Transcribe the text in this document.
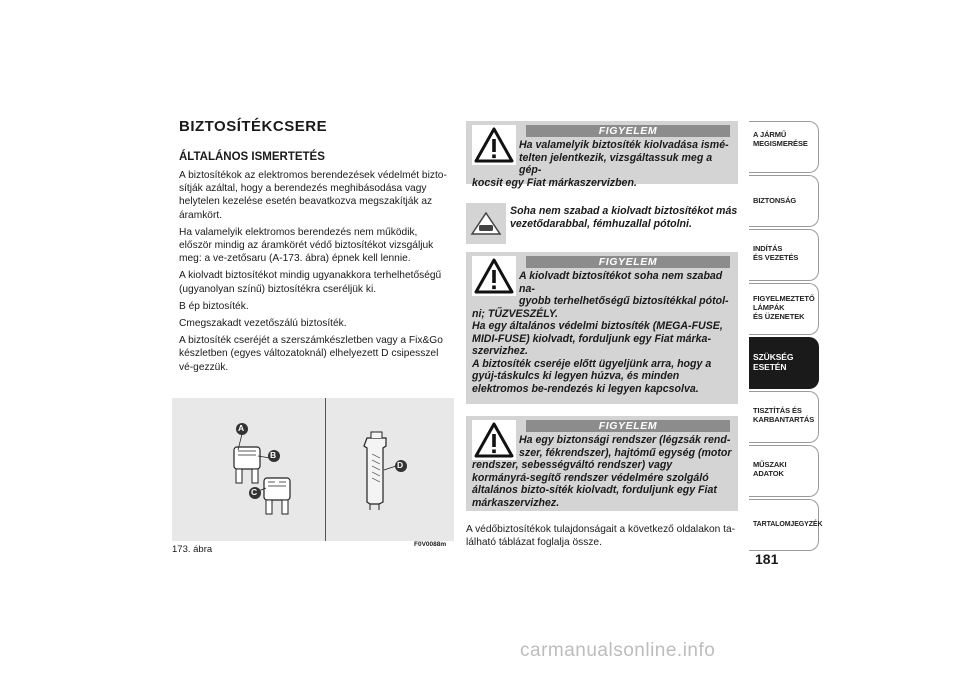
BIZTOSÍTÉKCSERE
ÁLTALÁNOS ISMERTETÉS

A biztosítékok az elektromos berendezések védelmét bizto-sítják azáltal, hogy a berendezés meghibásodása vagy helytelen kezelése esetén beavatkozva megszakítják az áramkört.

Ha valamelyik elektromos berendezés nem működik, először mindig az áramkörét védő biztosítékot vizsgáljuk meg: a ve-zetősaru (A-173. ábra) épnek kell lennie.

A kiolvadt biztosítékot mindig ugyanakkora terhelhetőségű (ugyanolyan színű) biztosítékra cseréljük ki.

B ép biztosíték.

Cmegszakadt vezetőszálú biztosíték.

A biztosíték cseréjét a szerszámkészletben vagy a Fix&Go készletben (egyes változatoknál) elhelyezett D csipesszel vé-gezzük.

A
B
C
D
173. ábra	F0V0088m
FIGYELEM
Ha valamelyik biztosíték kiolvadása ismé-
telten jelentkezik, vizsgáltassuk meg a gép-
kocsit egy Fiat márkaszervizben.
Soha nem szabad a kiolvadt biztosítékot más vezetődarabbal, fémhuzallal pótolni.
FIGYELEM
A kiolvadt biztosítékot soha nem szabad na-
gyobb terhelhetőségű biztosítékkal pótol-
ni; TŰZVESZÉLY.
Ha egy általános védelmi biztosíték (MEGA-FUSE, MIDI-FUSE) kiolvadt, forduljunk egy Fiat márka-szervizhez.
A biztosíték cseréje előtt ügyeljünk arra, hogy a gyúj-táskulcs ki legyen húzva, és minden elektromos be-rendezés ki legyen kapcsolva.
FIGYELEM
Ha egy biztonsági rendszer (légzsák rend-
szer, fékrendszer), hajtómű egység (motor
rendszer, sebességváltó rendszer) vagy kormányrá-segítő rendszer védelmére szolgáló általános bizto-síték kiolvadt, forduljunk egy Fiat márkaszervizhez.
A védőbiztosítékok tulajdonságait a következő oldalakon ta-lálható táblázat foglalja össze.
A JÁRMŰ
MEGISMERÉSE
BIZTONSÁG
INDÍTÁS
ÉS VEZETÉS
FIGYELMEZTETŐ
LÁMPÁK
ÉS ÜZENETEK
SZÜKSÉG
ESETÉN
TISZTÍTÁS ÉS
KARBANTARTÁS
MŰSZAKI
ADATOK
TARTALOMJEGYZÉK
181
carmanualsonline.info
